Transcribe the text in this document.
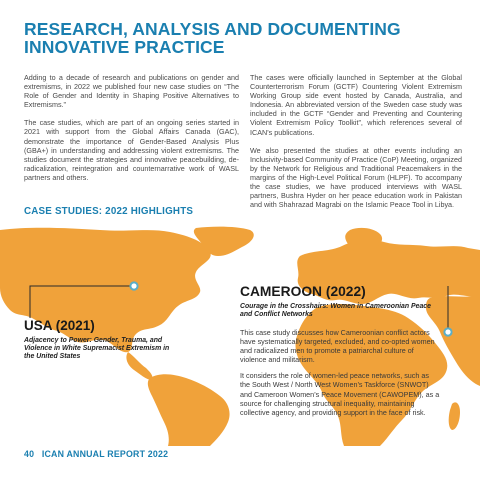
RESEARCH, ANALYSIS AND DOCUMENTING
INNOVATIVE PRACTICE

Adding to a decade of research and publications on gender and extremisms, in 2022 we published four new case studies on “The Role of Gender and Identity in Shaping Positive Alternatives to Extremisms.”

The case studies, which are part of an ongoing series started in 2021 with support from the Global Affairs Canada (GAC), demonstrate the importance of Gender-Based Analysis Plus (GBA+) in understanding and addressing violent extremisms. The studies document the strategies and innovative peacebuilding, de-radicalization, reintegration and counternarrative work of WASL partners and others.

The cases were officially launched in September at the Global Counterterrorism Forum (GCTF) Countering Violent Extremism Working Group side event hosted by Canada, Australia, and Indonesia. An abbreviated version of the Sweden case study was included in the GCTF “Gender and Preventing and Countering Violent Extremism Policy Toolkit”, which references several of ICAN’s publications.

We also presented the studies at other events including an Inclusivity-based Community of Practice (CoP) Meeting, organized by the Network for Religious and Traditional Peacemakers in the margins of the High-Level Political Forum (HLPF). To accompany the case studies, we have produced interviews with WASL partners, Bushra Hyder on her peace education work in Pakistan and with Shahrazad Magrabi on the Islamic Peace Tool in Libya.

CASE STUDIES: 2022 HIGHLIGHTS
USA (2021)
Adjacency to Power: Gender, Trauma, and Violence in White Supremacist Extremism in the United States
CAMEROON (2022)
Courage in the Crosshairs: Women in Cameroonian Peace and Conflict Networks

This case study discusses how Cameroonian conflict actors have systematically targeted, excluded, and co-opted women and radicalized men to promote a patriarchal culture of violence and militarism.

It considers the role of women-led peace networks, such as the South West / North West Women’s Taskforce (SNWOT) and Cameroon Women’s Peace Movement (CAWOPEM), as a source for challenging structural inequality, maintaining collective agency, and providing support in the face of risk.

40 ICAN ANNUAL REPORT 2022
